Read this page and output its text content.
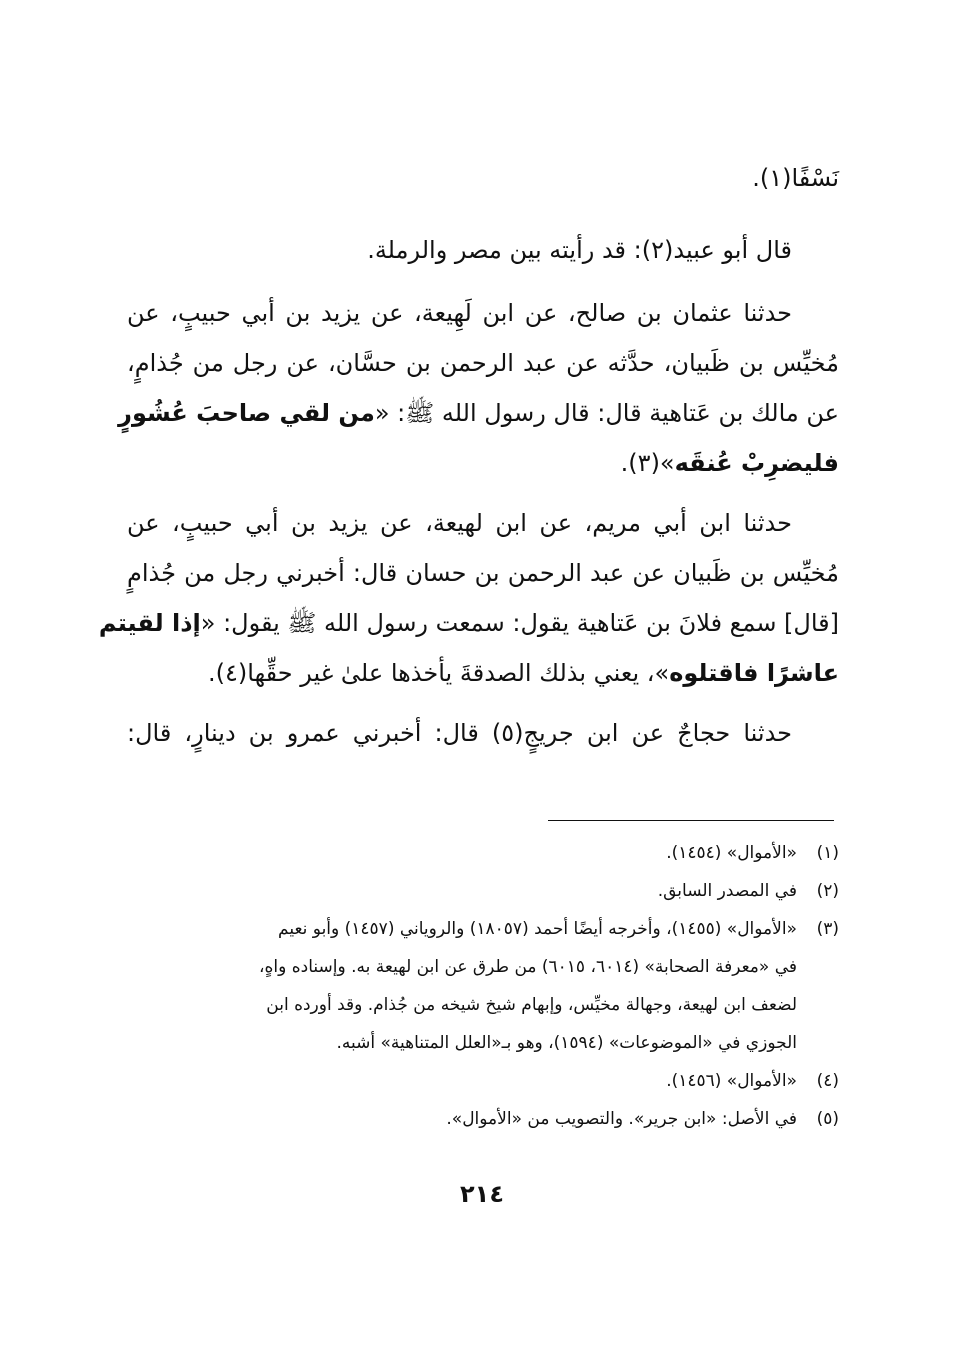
نَسْفًا(١).
قال أبو عبيد(٢): قد رأيته بين مصر والرملة.
حدثنا عثمان بن صالح، عن ابن لَهِيعة، عن يزيد بن أبي حبيبٍ، عن
مُخيِّس بن ظَبيان، حدَّثه عن عبد الرحمن بن حسَّان، عن رجل من جُذامٍ،
عن مالك بن عَتاهية قال: قال رسول الله ﷺ: «من لقي صاحبَ عُشُورٍ
فليضرِبْ عُنقَه»(٣).
حدثنا ابن أبي مريم، عن ابن لهيعة، عن يزيد بن أبي حبيبٍ، عن
مُخيِّس بن ظَبيان عن عبد الرحمن بن حسان قال: أخبرني رجل من جُذامٍ
[قال] سمع فلانَ بن عَتاهية يقول: سمعت رسول الله ﷺ يقول: «إذا لقيتم
عاشرًا فاقتلوه»، يعني بذلك الصدقةَ يأخذها علىٰ غير حقِّها(٤).
حدثنا حجاجٌ عن ابن جريجٍ(٥) قال: أخبرني عمرو بن دينارٍ، قال:
(١)«الأموال» (١٤٥٤).
(٢)في المصدر السابق.
(٣)«الأموال» (١٤٥٥)، وأخرجه أيضًا أحمد (١٨٠٥٧) والروياني (١٤٥٧) وأبو نعيم
في «معرفة الصحابة» (٦٠١٤، ٦٠١٥) من طرق عن ابن لهيعة به. وإسناده واهٍ،
لضعف ابن لهيعة، وجهالة مخيِّس، وإبهام شيخ شيخه من جُذام. وقد أورده ابن
الجوزي في «الموضوعات» (١٥٩٤)، وهو بـ«العلل المتناهية» أشبه.
(٤)«الأموال» (١٤٥٦).
(٥)في الأصل: «ابن جرير». والتصويب من «الأموال».
٢١٤
